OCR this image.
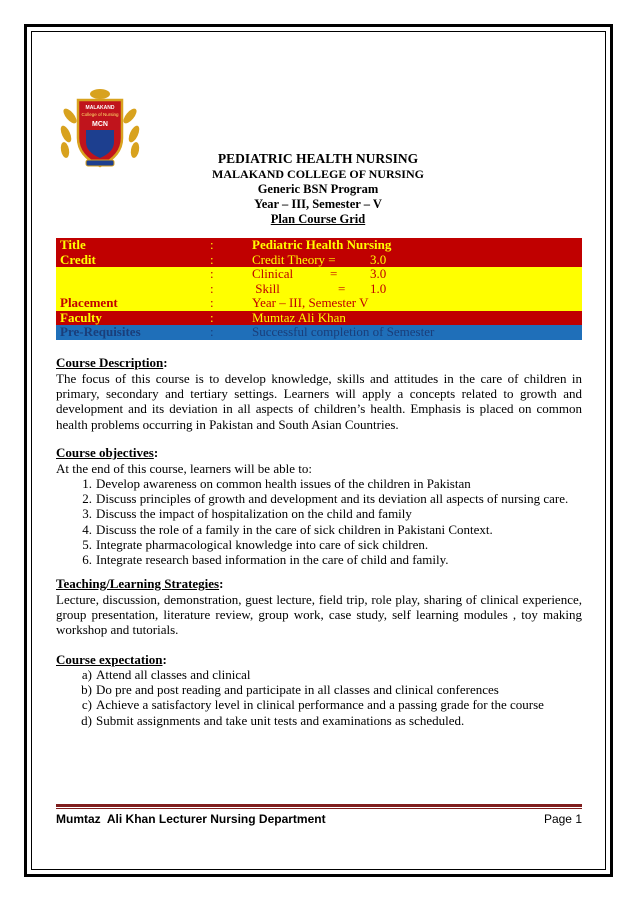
MALAKAND
College of Nursing
MCN
PEDIATRIC HEALTH NURSING
MALAKAND COLLEGE OF NURSING
Generic BSN Program
Year – III, Semester – V
Plan Course Grid
Title	:	Pediatric Health Nursing
Credit	:	Credit Theory =	3.0
:	Clinical	=	3.0
:	Skill	= 1.0
Placement	:	Year – III, Semester V
Faculty	:	Mumtaz Ali Khan
Pre-Requisites	:	Successful completion of Semester
Course Description:

The focus of this course is to develop knowledge, skills and attitudes in the care of children in primary, secondary and tertiary settings. Learners will apply a concepts related to growth and development and its deviation in all aspects of children’s health. Emphasis is placed on common health problems occurring in Pakistan and South Asian Countries.

Course objectives:

At the end of this course, learners will be able to:

1. Develop awareness on common health issues of the children in Pakistan
2. Discuss principles of growth and development and its deviation all aspects of nursing care.
3. Discuss the impact of hospitalization on the child and family
4. Discuss the role of a family in the care of sick children in Pakistani Context.
5. Integrate pharmacological knowledge into care of sick children.
6. Integrate research based information in the care of child and family.
Teaching/Learning Strategies:

Lecture, discussion, demonstration, guest lecture, field trip, role play, sharing of clinical experience, group presentation, literature review, group work, case study, self learning modules , toy making workshop and tutorials.

Course expectation:
a) Attend all classes and clinical
b) Do pre and post reading and participate in all classes and clinical conferences
c) Achieve a satisfactory level in clinical performance and a passing grade for the course
d) Submit assignments and take unit tests and examinations as scheduled.
Mumtaz  Ali Khan Lecturer Nursing Department	Page 1
